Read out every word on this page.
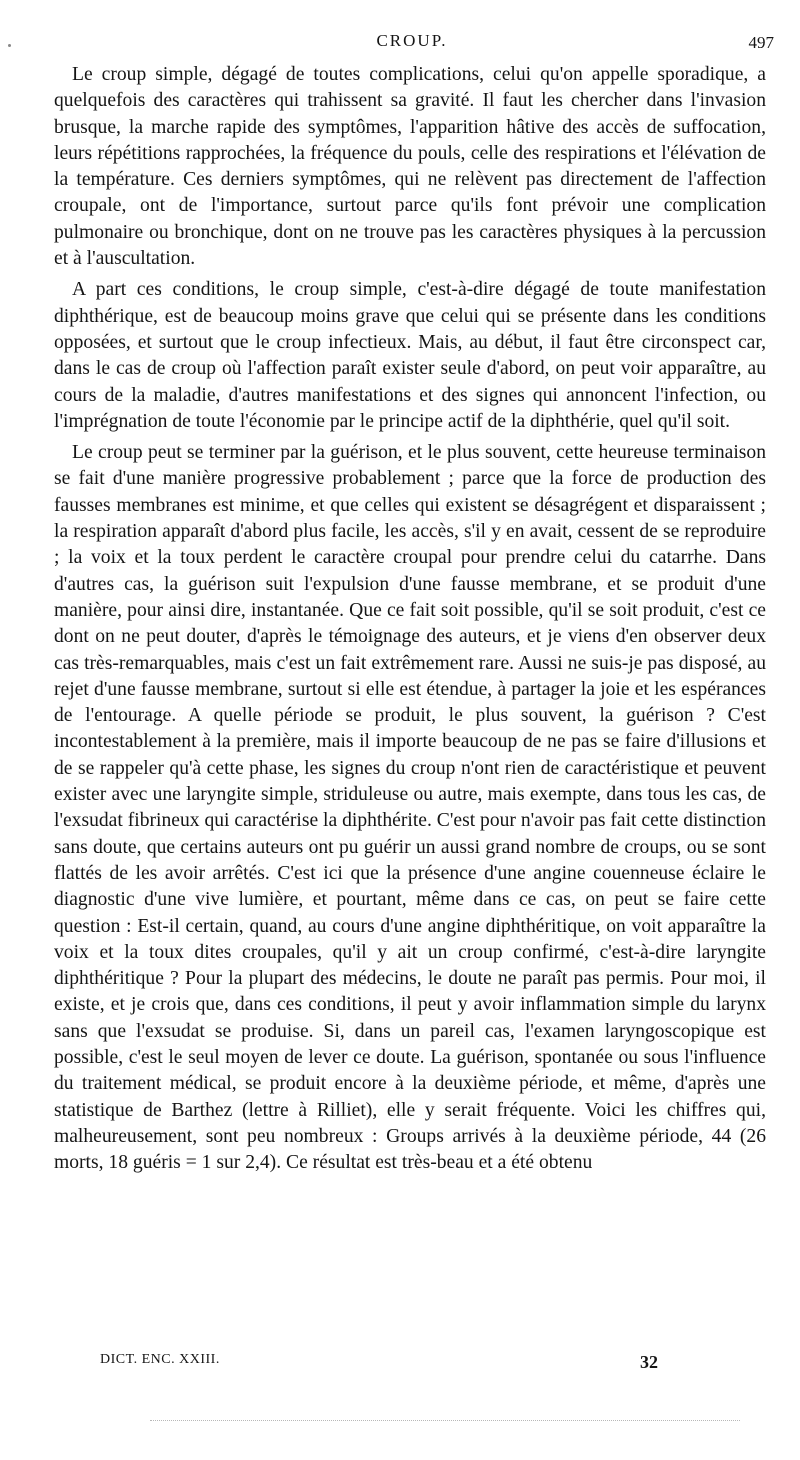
CROUP.	497

Le croup simple, dégagé de toutes complications, celui qu'on appelle sporadique, a quelquefois des caractères qui trahissent sa gravité. Il faut les chercher dans l'invasion brusque, la marche rapide des symptômes, l'apparition hâtive des accès de suffocation, leurs répétitions rapprochées, la fréquence du pouls, celle des respirations et l'élévation de la température. Ces derniers symptômes, qui ne relèvent pas directement de l'affection croupale, ont de l'importance, surtout parce qu'ils font prévoir une complication pulmonaire ou bronchique, dont on ne trouve pas les caractères physiques à la percussion et à l'auscultation.

A part ces conditions, le croup simple, c'est-à-dire dégagé de toute manifestation diphthérique, est de beaucoup moins grave que celui qui se présente dans les conditions opposées, et surtout que le croup infectieux. Mais, au début, il faut être circonspect car, dans le cas de croup où l'affection paraît exister seule d'abord, on peut voir apparaître, au cours de la maladie, d'autres manifestations et des signes qui annoncent l'infection, ou l'imprégnation de toute l'économie par le principe actif de la diphthérie, quel qu'il soit.

Le croup peut se terminer par la guérison, et le plus souvent, cette heureuse terminaison se fait d'une manière progressive probablement ; parce que la force de production des fausses membranes est minime, et que celles qui existent se désagrégent et disparaissent ; la respiration apparaît d'abord plus facile, les accès, s'il y en avait, cessent de se reproduire ; la voix et la toux perdent le caractère croupal pour prendre celui du catarrhe. Dans d'autres cas, la guérison suit l'expulsion d'une fausse membrane, et se produit d'une manière, pour ainsi dire, instantanée. Que ce fait soit possible, qu'il se soit produit, c'est ce dont on ne peut douter, d'après le témoignage des auteurs, et je viens d'en observer deux cas très-remarquables, mais c'est un fait extrêmement rare. Aussi ne suis-je pas disposé, au rejet d'une fausse membrane, surtout si elle est étendue, à partager la joie et les espérances de l'entourage. A quelle période se produit, le plus souvent, la guérison ? C'est incontestablement à la première, mais il importe beaucoup de ne pas se faire d'illusions et de se rappeler qu'à cette phase, les signes du croup n'ont rien de caractéristique et peuvent exister avec une laryngite simple, striduleuse ou autre, mais exempte, dans tous les cas, de l'exsudat fibrineux qui caractérise la diphthérite. C'est pour n'avoir pas fait cette distinction sans doute, que certains auteurs ont pu guérir un aussi grand nombre de croups, ou se sont flattés de les avoir arrêtés. C'est ici que la présence d'une angine couenneuse éclaire le diagnostic d'une vive lumière, et pourtant, même dans ce cas, on peut se faire cette question : Est-il certain, quand, au cours d'une angine diphthéritique, on voit apparaître la voix et la toux dites croupales, qu'il y ait un croup confirmé, c'est-à-dire laryngite diphthéritique ? Pour la plupart des médecins, le doute ne paraît pas permis. Pour moi, il existe, et je crois que, dans ces conditions, il peut y avoir inflammation simple du larynx sans que l'exsudat se produise. Si, dans un pareil cas, l'examen laryngoscopique est possible, c'est le seul moyen de lever ce doute. La guérison, spontanée ou sous l'influence du traitement médical, se produit encore à la deuxième période, et même, d'après une statistique de Barthez (lettre à Rilliet), elle y serait fréquente. Voici les chiffres qui, malheureusement, sont peu nombreux : Groups arrivés à la deuxième période, 44 (26 morts, 18 guéris = 1 sur 2,4). Ce résultat est très-beau et a été obtenu

DICT. ENC. XXIII.	32
